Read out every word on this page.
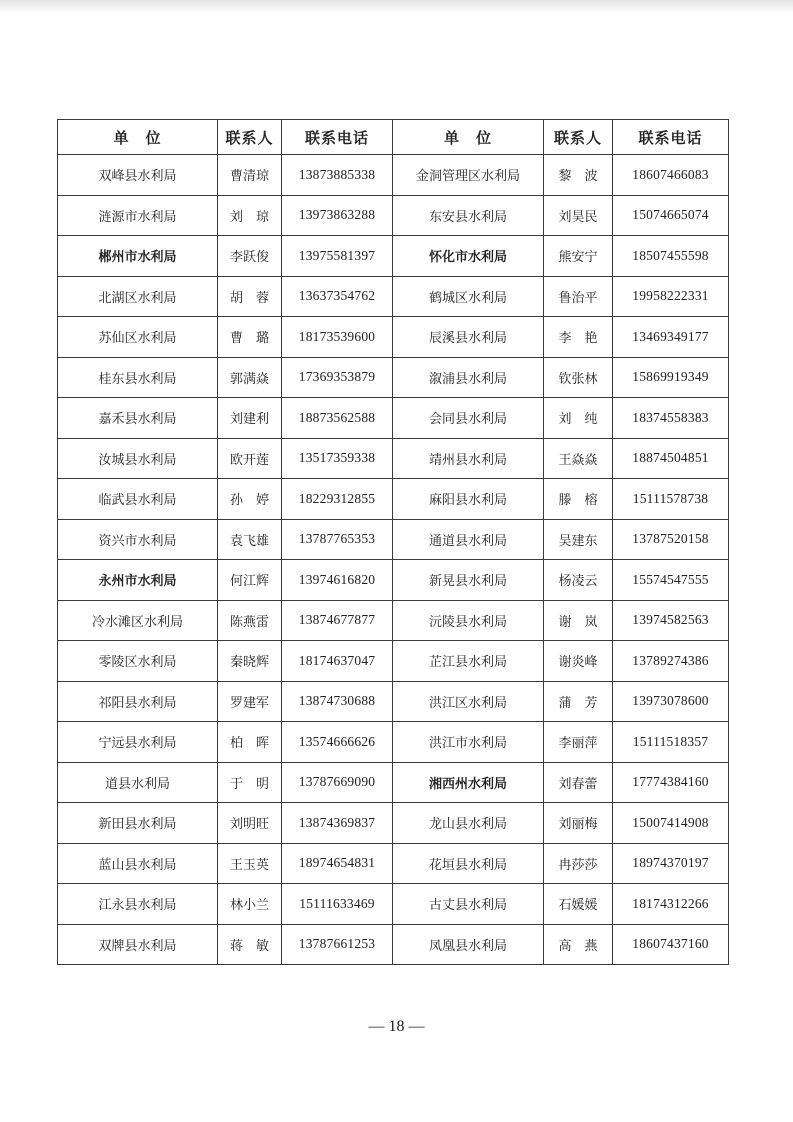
单　位	联系人	联系电话	单　位	联系人	联系电话
双峰县水利局	曹清琼	13873885338	金洞管理区水利局	黎　波	18607466083
涟源市水利局	刘　琼	13973863288	东安县水利局	刘昊民	15074665074
郴州市水利局	李跃俊	13975581397	怀化市水利局	熊安宁	18507455598
北湖区水利局	胡　蓉	13637354762	鹤城区水利局	鲁治平	19958222331
苏仙区水利局	曹　璐	18173539600	辰溪县水利局	李　艳	13469349177
桂东县水利局	郭满焱	17369353879	溆浦县水利局	钦张林	15869919349
嘉禾县水利局	刘建利	18873562588	会同县水利局	刘　纯	18374558383
汝城县水利局	欧开莲	13517359338	靖州县水利局	王焱焱	18874504851
临武县水利局	孙　婷	18229312855	麻阳县水利局	滕　榕	15111578738
资兴市水利局	袁飞雄	13787765353	通道县水利局	吴建东	13787520158
永州市水利局	何江辉	13974616820	新晃县水利局	杨凌云	15574547555
冷水滩区水利局	陈燕雷	13874677877	沅陵县水利局	谢　岚	13974582563
零陵区水利局	秦晓辉	18174637047	芷江县水利局	谢炎峰	13789274386
祁阳县水利局	罗建军	13874730688	洪江区水利局	蒲　芳	13973078600
宁远县水利局	柏　晖	13574666626	洪江市水利局	李丽萍	15111518357
道县水利局	于　明	13787669090	湘西州水利局	刘春蕾	17774384160
新田县水利局	刘明旺	13874369837	龙山县水利局	刘丽梅	15007414908
蓝山县水利局	王玉英	18974654831	花垣县水利局	冉莎莎	18974370197
江永县水利局	林小兰	15111633469	古丈县水利局	石媛媛	18174312266
双牌县水利局	蒋　敏	13787661253	凤凰县水利局	高　燕	18607437160
— 18 —
